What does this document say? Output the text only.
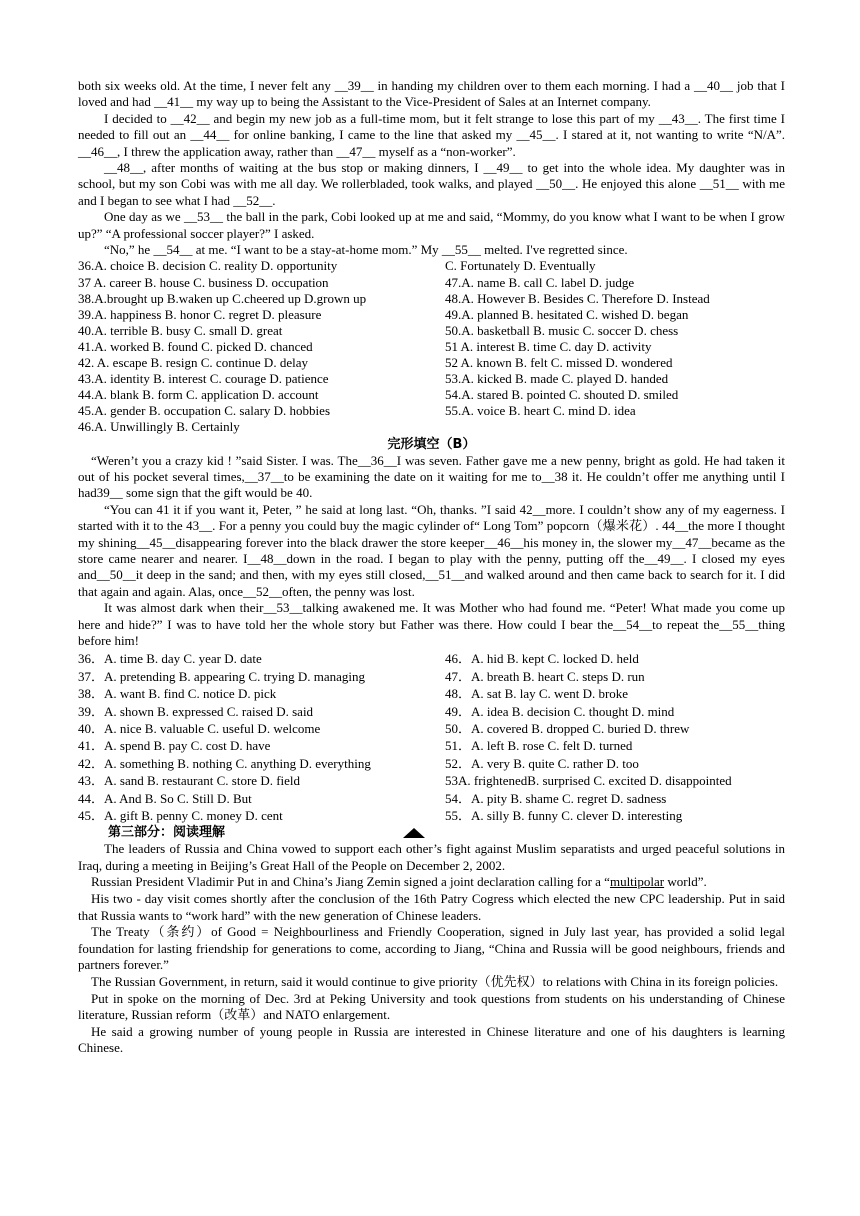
both six weeks old. At the time, I never felt any __39__ in handing my children over to them each morning. I had a __40__ job that I loved and had __41__ my way up to being the Assistant to the Vice-President of Sales at an Internet company.

I decided to __42__ and begin my new job as a full-time mom, but it felt strange to lose this part of my __43__. The first time I needed to fill out an __44__ for online banking, I came to the line that asked my __45__. I stared at it, not wanting to write “N/A”. __46__, I threw the application away, rather than __47__ myself as a “non-worker”.

__48__, after months of waiting at the bus stop or making dinners, I __49__ to get into the whole idea. My daughter was in school, but my son Cobi was with me all day. We rollerbladed, took walks, and played __50__. He enjoyed this alone __51__ with me and I began to see what I had __52__.

One day as we __53__ the ball in the park, Cobi looked up at me and said, “Mommy, do you know what I want to be when I grow up?” “A professional soccer player?” I asked.

“No,” he __54__ at me. “I want to be a stay-at-home mom.” My __55__ melted. I've regretted since.

36.A. choice B. decision C. reality D. opportunity
37 A. career B. house C. business D. occupation
38.A.brought up B.waken up C.cheered up D.grown up
39.A. happiness B. honor C. regret D. pleasure
40.A. terrible B. busy C. small D. great
41.A. worked B. found C. picked D. chanced
42. A. escape B. resign C. continue D. delay
43.A. identity B. interest C. courage D. patience
44.A. blank B. form C. application D. account
45.A. gender B. occupation C. salary D. hobbies
46.A. Unwillingly B. Certainly
C. Fortunately D. Eventually
47.A. name B. call C. label D. judge
48.A. However B. Besides C. Therefore D. Instead
49.A. planned B. hesitated C. wished D. began
50.A. basketball B. music C. soccer D. chess
51 A. interest B. time C. day D. activity
52 A. known B. felt C. missed D. wondered
53.A. kicked B. made C. played D. handed
54.A. stared B. pointed C. shouted D. smiled
55.A. voice B. heart C. mind D. idea
完形填空（B）

“Weren’t you a crazy kid ! ”said Sister. I was. The__36__I was seven. Father gave me a new penny, bright as gold. He had taken it out of his pocket several times,__37__to be examining the date on it waiting for me to__38 it. He couldn’t offer me anything until I had39__ some sign that the gift would be 40.

“You can 41 it if you want it, Peter, ” he said at long last. “Oh, thanks. ”I said 42__more. I couldn’t show any of my eagerness. I started with it to the 43__. For a penny you could buy the magic cylinder of“ Long Tom” popcorn（爆米花）. 44__the more I thought my shining__45__disappearing forever into the black drawer the store keeper__46__his money in, the slower my__47__became as the store came nearer and nearer. I__48__down in the road. I began to play with the penny, putting off the__49__. I closed my eyes and__50__it deep in the sand; and then, with my eyes still closed,__51__and walked around and then came back to search for it. I did that again and again. Alas, once__52__often, the penny was lost.

It was almost dark when their__53__talking awakened me. It was Mother who had found me. “Peter! What made you come up here and hide?” I was to have told her the whole story but Father was there. How could I bear the__54__to repeat the__55__thing before him!

36．A. time B. day C. year D. date
37．A. pretending B. appearing C. trying D. managing
38．A. want B. find C. notice D. pick
39．A. shown B. expressed C. raised D. said
40．A. nice B. valuable C. useful D. welcome
41．A. spend B. pay C. cost D. have
42．A. something B. nothing C. anything D. everything
43．A. sand B. restaurant C. store D. field
44．A. And B. So C. Still D. But
45．A. gift B. penny C. money D. cent
46．A. hid B. kept C. locked D. held
47．A. breath B. heart C. steps D. run
48．A. sat B. lay C. went D. broke
49．A. idea B. decision C. thought D. mind
50．A. covered B. dropped C. buried D. threw
51．A. left B. rose C. felt D. turned
52．A. very B. quite C. rather D. too
53A. frightenedB. surprised C. excited D. disappointed
54．A. pity B. shame C. regret D. sadness
55．A. silly B. funny C. clever D. interesting
第三部分：阅读理解

The leaders of Russia and China vowed to support each other’s fight against Muslim separatists and urged peaceful solutions in Iraq, during a meeting in Beijing’s Great Hall of the People on December 2, 2002.

Russian President Vladimir Put in and China’s Jiang Zemin signed a joint declaration calling for a “multipolar world”.

His two - day visit comes shortly after the conclusion of the 16th Patry Cogress which elected the new CPC leadership. Put in said that Russia wants to “work hard” with the new generation of Chinese leaders.

The Treaty（条约）of Good = Neighbourliness and Friendly Cooperation, signed in July last year, has provided a solid legal foundation for lasting friendship for generations to come, according to Jiang, “China and Russia will be good neighbours, friends and partners forever.”

The Russian Government, in return, said it would continue to give priority（优先权）to relations with China in its foreign policies.

Put in spoke on the morning of Dec. 3rd at Peking University and took questions from students on his understanding of Chinese literature, Russian reform（改革）and NATO enlargement.

He said a growing number of young people in Russia are interested in Chinese literature and one of his daughters is learning Chinese.
